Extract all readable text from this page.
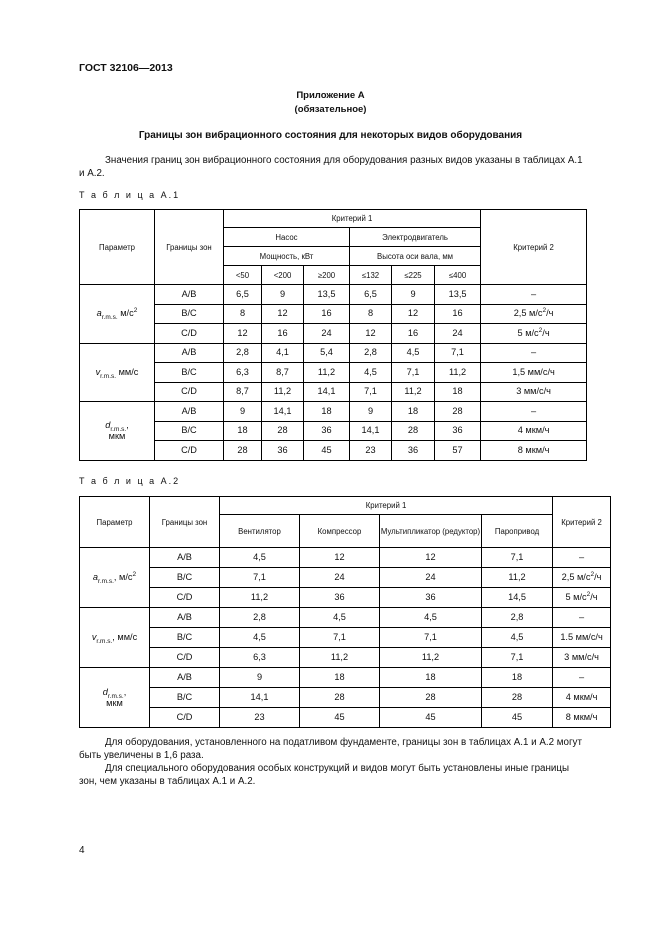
ГОСТ 32106—2013
Приложение А
(обязательное)
Границы зон вибрационного состояния для некоторых видов оборудования

Значения границ зон вибрационного состояния для оборудования разных видов указаны в таблицах А.1 и А.2.

Т а б л и ц а А.1
Параметр	Границы зон	Критерий 1						Критерий 2
		Насос			Электродвигатель			
		Мощность, кВт			Высота оси вала, мм			
		<50	<200	≥200	≤132	≤225	≤400	

$a_{r.m.s.}$ $м/с^2$	A/B	6,5	9	13,5	6,5	9	13,5	–
	B/C	8	12	16	8	12	16	2,5 $м/с^2/ч$
	C/D	12	16	24	12	16	24	5 $м/с^2/ч$

$v_{r.m.s.}$ мм/с	A/B	2,8	4,1	5,4	2,8	4,5	7,1	–
	B/C	6,3	8,7	11,2	4,5	7,1	11,2	1,5 мм/с/ч
	C/D	8,7	11,2	14,1	7,1	11,2	18	3 мм/с/ч

$d_{r.m.s.}$,
мкм	A/B	9	14,1	18	9	18	28	–
	B/C	18	28	36	14,1	28	36	4 мкм/ч
	C/D	28	36	45	23	36	57	8 мкм/ч
Т а б л и ц а А.2
Параметр	Границы зон	Критерий 1				Критерий 2
		Вентилятор	Компрессор	Мультипликатор (редуктор)	Паропривод	

$a_{r.m.s.}$, $м/с^2$	A/B	4,5	12	12	7,1	–
	B/C	7,1	24	24	11,2	2,5 $м/с^2/ч$
	C/D	11,2	36	36	14,5	5 $м/с^2/ч$

$v_{r.m.s.}$, мм/с	A/B	2,8	4,5	4,5	2,8	–
	B/C	4,5	7,1	7,1	4,5	1.5 мм/с/ч
	C/D	6,3	11,2	11,2	7,1	3 мм/с/ч

$d_{r.m.s.}$,
мкм	A/B	9	18	18	18	–
	B/C	14,1	28	28	28	4 мкм/ч
	C/D	23	45	45	45	8 мкм/ч

Для оборудования, установленного на податливом фундаменте, границы зон в таблицах А.1 и А.2 могут быть увеличены в 1,6 раза.

Для специального оборудования особых конструкций и видов могут быть установлены иные границы зон, чем указаны в таблицах А.1 и А.2.

4
